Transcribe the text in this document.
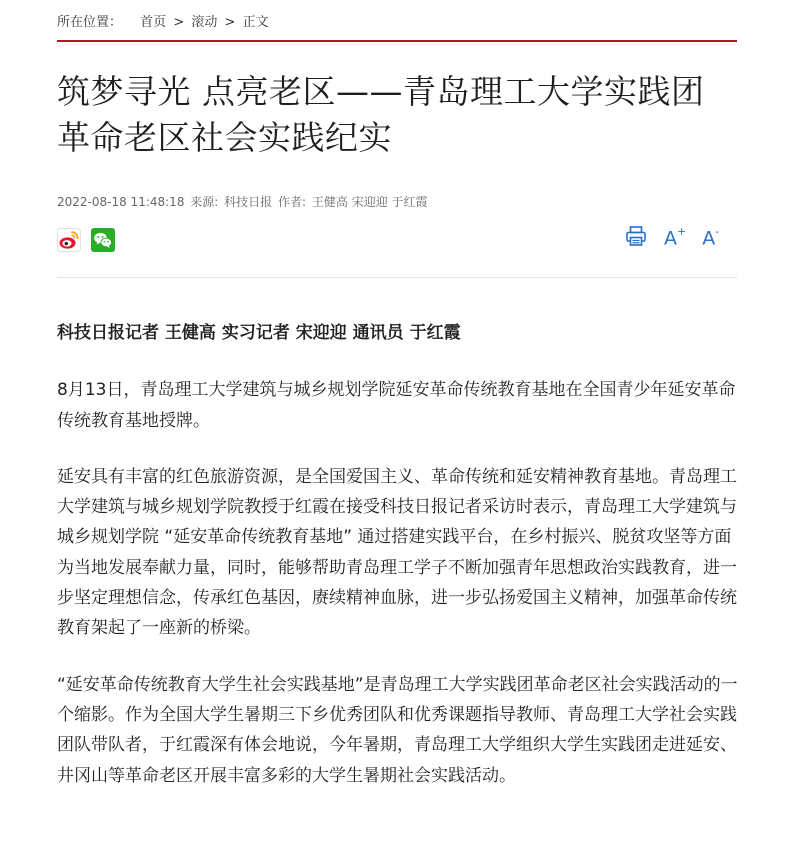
所在位置： 首页 > 滚动 > 正文
筑梦寻光 点亮老区——青岛理工大学实践团革命老区社会实践纪实
2022-08-18 11:48:18 来源: 科技日报 作者: 王健高 宋迎迎 于红霞
A+ A-

科技日报记者 王健高 实习记者 宋迎迎 通讯员 于红霞

8月13日，青岛理工大学建筑与城乡规划学院延安革命传统教育基地在全国青少年延安革命传统教育基地授牌。

延安具有丰富的红色旅游资源，是全国爱国主义、革命传统和延安精神教育基地。青岛理工大学建筑与城乡规划学院教授于红霞在接受科技日报记者采访时表示，青岛理工大学建筑与城乡规划学院 “延安革命传统教育基地” 通过搭建实践平台，在乡村振兴、脱贫攻坚等方面为当地发展奉献力量，同时，能够帮助青岛理工学子不断加强青年思想政治实践教育，进一步坚定理想信念，传承红色基因，赓续精神血脉，进一步弘扬爱国主义精神，加强革命传统教育架起了一座新的桥梁。

“延安革命传统教育大学生社会实践基地”是青岛理工大学实践团革命老区社会实践活动的一个缩影。作为全国大学生暑期三下乡优秀团队和优秀课题指导教师、青岛理工大学社会实践团队带队者，于红霞深有体会地说，今年暑期，青岛理工大学组织大学生实践团走进延安、井冈山等革命老区开展丰富多彩的大学生暑期社会实践活动。
